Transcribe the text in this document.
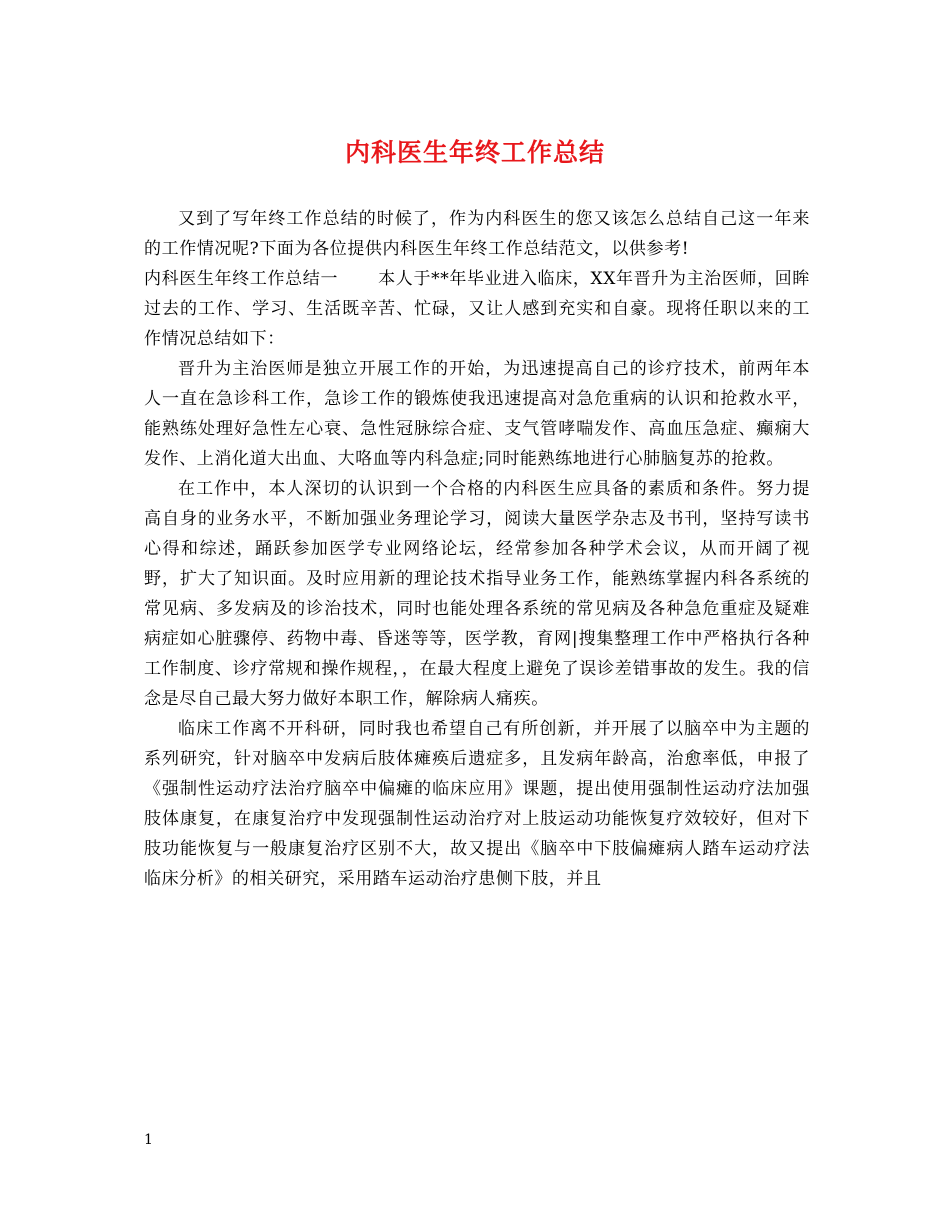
内科医生年终工作总结

又到了写年终工作总结的时候了，作为内科医生的您又该怎么总结自己这一年来的工作情况呢?下面为各位提供内科医生年终工作总结范文，以供参考!

内科医生年终工作总结一 本人于**年毕业进入临床，XX年晋升为主治医师，回眸过去的工作、学习、生活既辛苦、忙碌，又让人感到充实和自豪。现将任职以来的工作情况总结如下：

晋升为主治医师是独立开展工作的开始，为迅速提高自己的诊疗技术，前两年本人一直在急诊科工作，急诊工作的锻炼使我迅速提高对急危重病的认识和抢救水平，能熟练处理好急性左心衰、急性冠脉综合症、支气管哮喘发作、高血压急症、癫痫大发作、上消化道大出血、大咯血等内科急症;同时能熟练地进行心肺脑复苏的抢救。

在工作中，本人深切的认识到一个合格的内科医生应具备的素质和条件。努力提高自身的业务水平，不断加强业务理论学习，阅读大量医学杂志及书刊，坚持写读书心得和综述，踊跃参加医学专业网络论坛，经常参加各种学术会议，从而开阔了视野，扩大了知识面。及时应用新的理论技术指导业务工作，能熟练掌握内科各系统的常见病、多发病及的诊治技术，同时也能处理各系统的常见病及各种急危重症及疑难病症如心脏骤停、药物中毒、昏迷等等，医学教，育网|搜集整理工作中严格执行各种工作制度、诊疗常规和操作规程，，在最大程度上避免了误诊差错事故的发生。我的信念是尽自己最大努力做好本职工作，解除病人痛疾。

临床工作离不开科研，同时我也希望自己有所创新，并开展了以脑卒中为主题的系列研究，针对脑卒中发病后肢体瘫痪后遗症多，且发病年龄高，治愈率低，申报了《强制性运动疗法治疗脑卒中偏瘫的临床应用》课题，提出使用强制性运动疗法加强肢体康复，在康复治疗中发现强制性运动治疗对上肢运动功能恢复疗效较好，但对下肢功能恢复与一般康复治疗区别不大，故又提出《脑卒中下肢偏瘫病人踏车运动疗法临床分析》的相关研究，采用踏车运动治疗患侧下肢，并且

1
